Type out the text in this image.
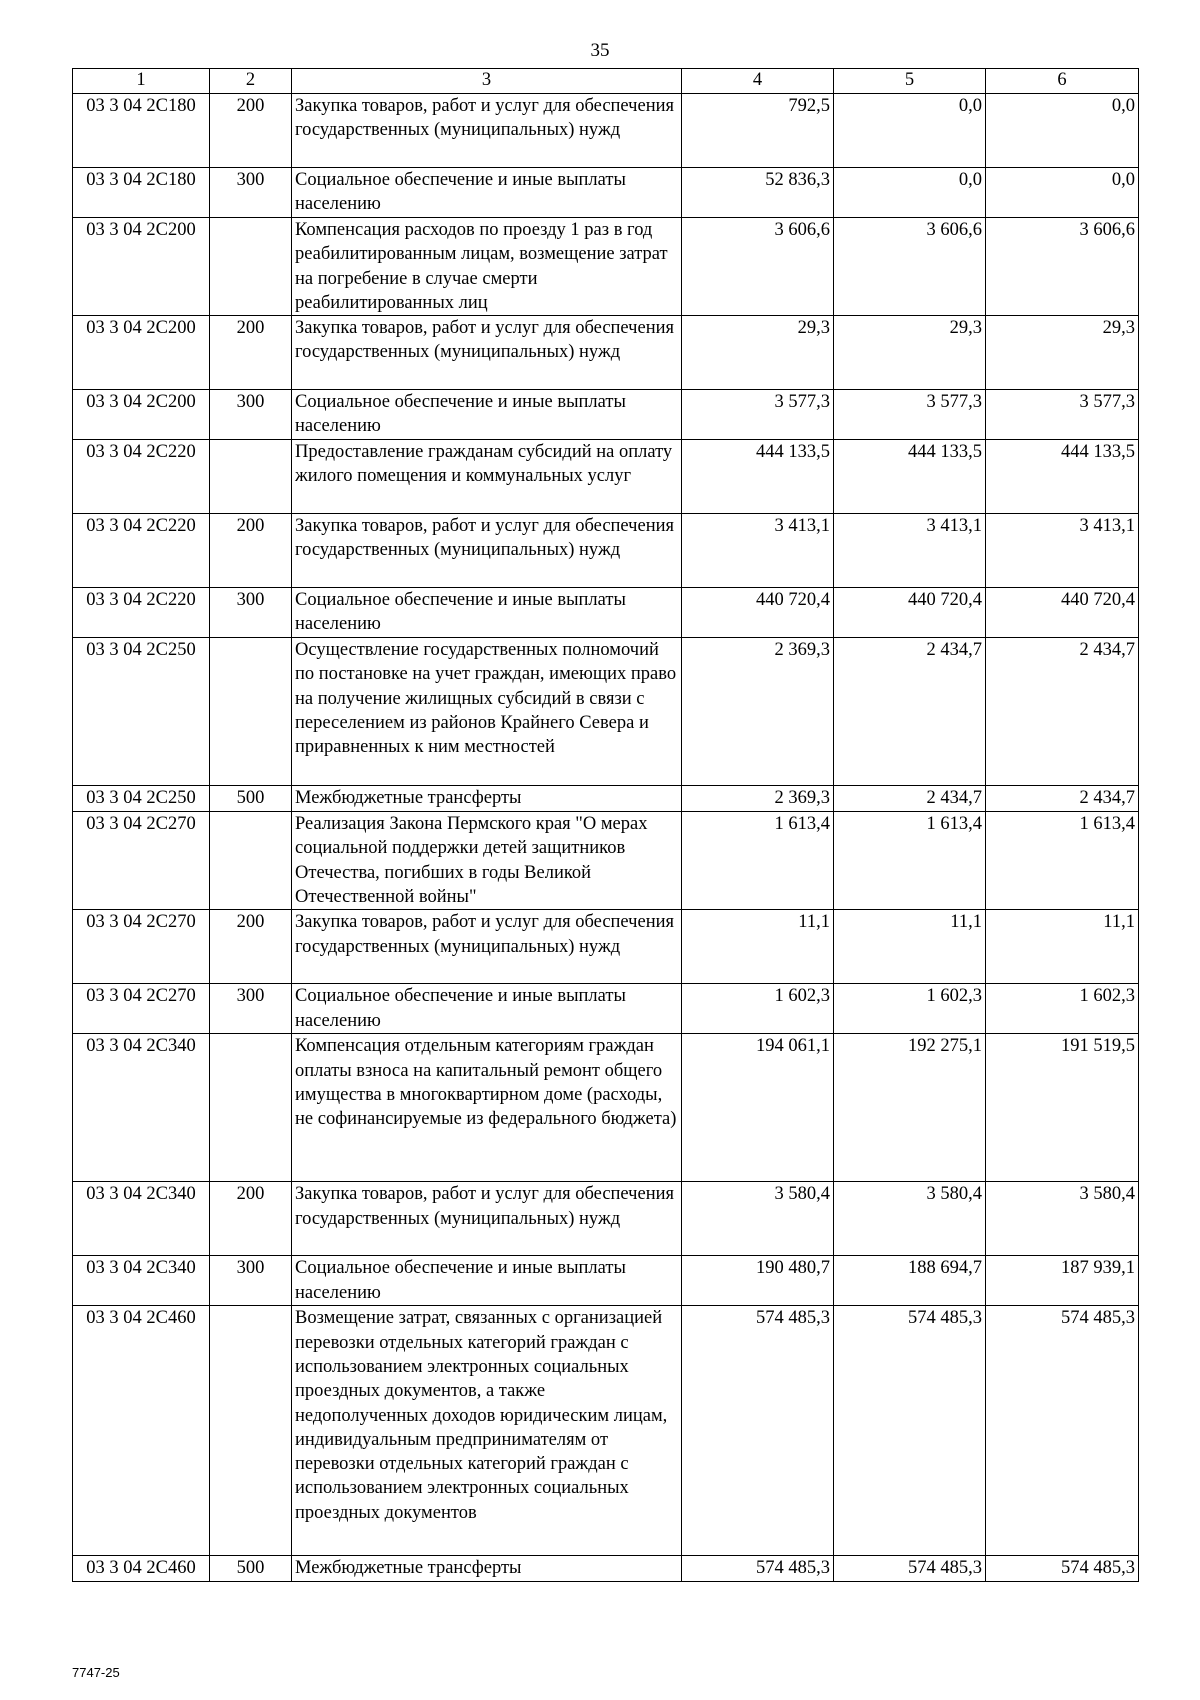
35
1	2	3	4	5	6
03 3 04 2С180	200	Закупка товаров, работ и услуг для обеспечения государственных (муниципальных) нужд	792,5	0,0	0,0
03 3 04 2С180	300	Социальное обеспечение и иные выплаты населению	52 836,3	0,0	0,0
03 3 04 2С200		Компенсация расходов по проезду 1 раз в год реабилитированным лицам, возмещение затрат на погребение в случае смерти реабилитированных лиц	3 606,6	3 606,6	3 606,6
03 3 04 2С200	200	Закупка товаров, работ и услуг для обеспечения государственных (муниципальных) нужд	29,3	29,3	29,3
03 3 04 2С200	300	Социальное обеспечение и иные выплаты населению	3 577,3	3 577,3	3 577,3
03 3 04 2С220		Предоставление гражданам субсидий на оплату жилого помещения и коммунальных услуг	444 133,5	444 133,5	444 133,5
03 3 04 2С220	200	Закупка товаров, работ и услуг для обеспечения государственных (муниципальных) нужд	3 413,1	3 413,1	3 413,1
03 3 04 2С220	300	Социальное обеспечение и иные выплаты населению	440 720,4	440 720,4	440 720,4
03 3 04 2С250		Осуществление государственных полномочий по постановке на учет граждан, имеющих право на получение жилищных субсидий в связи с переселением из районов Крайнего Севера и приравненных к ним местностей	2 369,3	2 434,7	2 434,7
03 3 04 2С250	500	Межбюджетные трансферты	2 369,3	2 434,7	2 434,7
03 3 04 2С270		Реализация Закона Пермского края "О мерах социальной поддержки детей защитников Отечества, погибших в годы Великой Отечественной войны"	1 613,4	1 613,4	1 613,4
03 3 04 2С270	200	Закупка товаров, работ и услуг для обеспечения государственных (муниципальных) нужд	11,1	11,1	11,1
03 3 04 2С270	300	Социальное обеспечение и иные выплаты населению	1 602,3	1 602,3	1 602,3
03 3 04 2С340		Компенсация отдельным категориям граждан оплаты взноса на капитальный ремонт общего имущества в многоквартирном доме (расходы, не софинансируемые из федерального бюджета)	194 061,1	192 275,1	191 519,5
03 3 04 2С340	200	Закупка товаров, работ и услуг для обеспечения государственных (муниципальных) нужд	3 580,4	3 580,4	3 580,4
03 3 04 2С340	300	Социальное обеспечение и иные выплаты населению	190 480,7	188 694,7	187 939,1
03 3 04 2С460		Возмещение затрат, связанных с организацией перевозки отдельных категорий граждан с использованием электронных социальных проездных документов, а также недополученных доходов юридическим лицам, индивидуальным предпринимателям от перевозки отдельных категорий граждан с использованием электронных социальных проездных документов	574 485,3	574 485,3	574 485,3
03 3 04 2С460	500	Межбюджетные трансферты	574 485,3	574 485,3	574 485,3
7747-25
